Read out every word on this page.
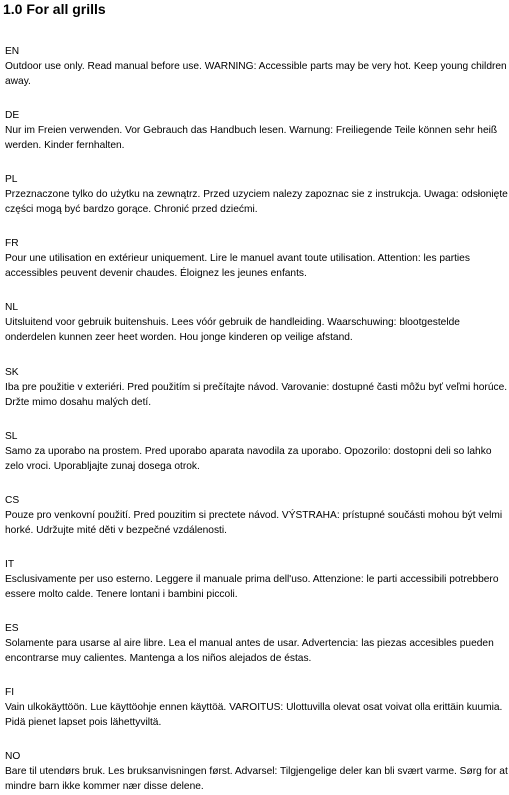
1.0 For all grills
EN
Outdoor use only. Read manual before use. WARNING: Accessible parts may be very hot. Keep young children away.
DE
Nur im Freien verwenden. Vor Gebrauch das Handbuch lesen. Warnung: Freiliegende Teile können sehr heiß werden. Kinder fernhalten.
PL
Przeznaczone tylko do użytku na zewnątrz. Przed uzyciem nalezy zapoznac sie z instrukcja. Uwaga: odsłonięte części mogą być bardzo gorące. Chronić przed dziećmi.
FR
Pour une utilisation en extérieur uniquement. Lire le manuel avant toute utilisation. Attention: les parties accessibles peuvent devenir chaudes. Éloignez les jeunes enfants.
NL
Uitsluitend voor gebruik buitenshuis. Lees vóór gebruik de handleiding. Waarschuwing: blootgestelde onderdelen kunnen zeer heet worden. Hou jonge kinderen op veilige afstand.
SK
Iba pre použitie v exteriéri. Pred použitím si prečítajte návod. Varovanie: dostupné časti môžu byť veľmi horúce. Držte mimo dosahu malých detí.
SL
Samo za uporabo na prostem. Pred uporabo aparata navodila za uporabo. Opozorilo: dostopni deli so lahko zelo vroci. Uporabljajte zunaj dosega otrok.
CS
Pouze pro venkovní použití. Pred pouzitim si prectete návod. VÝSTRAHA: prístupné součásti mohou být velmi horké. Udržujte mité děti v bezpečné vzdálenosti.
IT
Esclusivamente per uso esterno. Leggere il manuale prima dell'uso. Attenzione: le parti accessibili potrebbero essere molto calde. Tenere lontani i bambini piccoli.
ES
Solamente para usarse al aire libre. Lea el manual antes de usar. Advertencia: las piezas accesibles pueden encontrarse muy calientes. Mantenga a los niños alejados de éstas.
FI
Vain ulkokäyttöön. Lue käyttöohje ennen käyttöä. VAROITUS: Ulottuvilla olevat osat voivat olla erittäin kuumia. Pidä pienet lapset pois lähettyviltä.
NO
Bare til utendørs bruk. Les bruksanvisningen først. Advarsel: Tilgjengelige deler kan bli svært varme. Sørg for at mindre barn ikke kommer nær disse delene.
